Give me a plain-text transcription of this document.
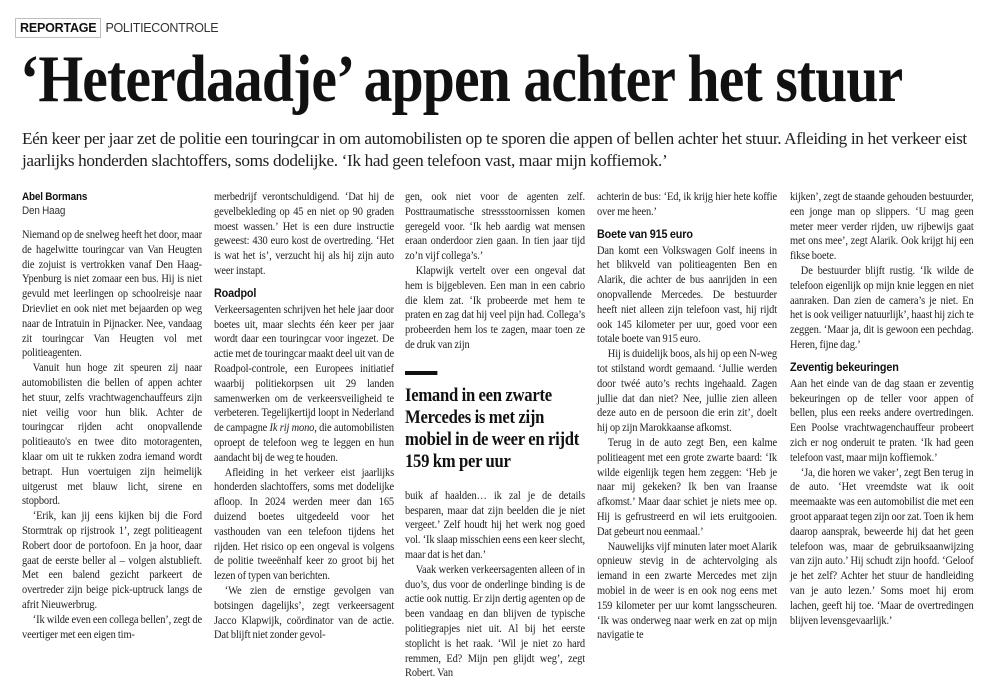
REPORTAGE POLITIECONTROLE
‘Heterdaadje’ appen achter het stuur

Eén keer per jaar zet de politie een touringcar in om automobilisten op te sporen die appen of bellen achter het stuur. Afleiding in het verkeer eist jaarlijks honderden slachtoffers, soms dodelijke. ‘Ik had geen telefoon vast, maar mijn koffiemok.’

Abel Bormans
Den Haag

Niemand op de snelweg heeft het door, maar de hagelwitte touringcar van Van Heugten die zojuist is vertrokken vanaf Den Haag-Ypenburg is niet zomaar een bus. Hij is niet gevuld met leerlingen op schoolreisje naar Drievliet en ook niet met bejaarden op weg naar de Intratuin in Pijnacker. Nee, vandaag zit touringcar Van Heugten vol met politieagenten.

Vanuit hun hoge zit speuren zij naar automobilisten die bellen of appen achter het stuur, zelfs vrachtwagenchauffeurs zijn niet veilig voor hun blik. Achter de touringcar rijden acht onopvallende politieauto's en twee dito motoragenten, klaar om uit te rukken zodra iemand wordt betrapt. Hun voertuigen zijn heimelijk uitgerust met blauw licht, sirene en stopbord.

‘Erik, kan jij eens kijken bij die Ford Stormtrak op rijstrook 1’, zegt politieagent Robert door de portofoon. En ja hoor, daar gaat de eerste beller al – volgen alstublieft. Met een balend gezicht parkeert de overtreder zijn beige pick-uptruck langs de afrit Nieuwerbrug.

‘Ik wilde even een collega bellen’, zegt de veertiger met een eigen tim-

merbedrijf verontschuldigend. ‘Dat hij de gevelbekleding op 45 en niet op 90 graden moest wassen.’ Het is een dure instructie geweest: 430 euro kost de overtreding. ‘Het is wat het is’, verzucht hij als hij zijn auto weer instapt.

Roadpol

Verkeersagenten schrijven het hele jaar door boetes uit, maar slechts één keer per jaar wordt daar een touringcar voor ingezet. De actie met de touringcar maakt deel uit van de Roadpol-controle, een Europees initiatief waarbij politiekorpsen uit 29 landen samenwerken om de verkeersveiligheid te verbeteren. Tegelijkertijd loopt in Nederland de campagne Ik rij mono, die automobilisten oproept de telefoon weg te leggen en hun aandacht bij de weg te houden.

Afleiding in het verkeer eist jaarlijks honderden slachtoffers, soms met dodelijke afloop. In 2024 werden meer dan 165 duizend boetes uitgedeeld voor het vasthouden van een telefoon tijdens het rijden. Het risico op een ongeval is volgens de politie tweeënhalf keer zo groot bij het lezen of typen van berichten.

‘We zien de ernstige gevolgen van botsingen dagelijks’, zegt verkeersagent Jacco Klapwijk, coördinator van de actie. Dat blijft niet zonder gevol-

gen, ook niet voor de agenten zelf. Posttraumatische stressstoornissen komen geregeld voor. ‘Ik heb aardig wat mensen eraan onderdoor zien gaan. In tien jaar tijd zo’n vijf collega’s.’

Klapwijk vertelt over een ongeval dat hem is bijgebleven. Een man in een cabrio die klem zat. ‘Ik probeerde met hem te praten en zag dat hij veel pijn had. Collega’s probeerden hem los te zagen, maar toen ze de druk van zijn

Iemand in een zwarte Mercedes is met zijn mobiel in de weer en rijdt 159 km per uur

buik af haalden… ik zal je de details besparen, maar dat zijn beelden die je niet vergeet.’ Zelf houdt hij het werk nog goed vol. ‘Ik slaap misschien eens een keer slecht, maar dat is het dan.’

Vaak werken verkeersagenten alleen of in duo’s, dus voor de onderlinge binding is de actie ook nuttig. Er zijn dertig agenten op de been vandaag en dan blijven de typische politiegrapjes niet uit. Al bij het eerste stoplicht is het raak. ‘Wil je niet zo hard remmen, Ed? Mijn pen glijdt weg’, zegt Robert. Van

achterin de bus: ‘Ed, ik krijg hier hete koffie over me heen.’

Boete van 915 euro

Dan komt een Volkswagen Golf ineens in het blikveld van politieagenten Ben en Alarik, die achter de bus aanrijden in een onopvallende Mercedes. De bestuurder heeft niet alleen zijn telefoon vast, hij rijdt ook 145 kilometer per uur, goed voor een totale boete van 915 euro.

Hij is duidelijk boos, als hij op een N-weg tot stilstand wordt gemaand. ‘Jullie werden door twéé auto’s rechts ingehaald. Zagen jullie dat dan niet? Nee, jullie zien alleen deze auto en de persoon die erin zit’, doelt hij op zijn Marokkaanse afkomst.

Terug in de auto zegt Ben, een kalme politieagent met een grote zwarte baard: ‘Ik wilde eigenlijk tegen hem zeggen: ‘Heb je naar mij gekeken? Ik ben van Iraanse afkomst.’ Maar daar schiet je niets mee op. Hij is gefrustreerd en wil iets eruitgooien. Dat gebeurt nou eenmaal.’

Nauwelijks vijf minuten later moet Alarik opnieuw stevig in de achtervolging als iemand in een zwarte Mercedes met zijn mobiel in de weer is en ook nog eens met 159 kilometer per uur komt langsscheuren. ‘Ik was onderweg naar werk en zat op mijn navigatie te

kijken’, zegt de staande gehouden bestuurder, een jonge man op slippers. ‘U mag geen meter meer verder rijden, uw rijbewijs gaat met ons mee’, zegt Alarik. Ook krijgt hij een fikse boete.

De bestuurder blijft rustig. ‘Ik wilde de telefoon eigenlijk op mijn knie leggen en niet aanraken. Dan zien de camera’s je niet. En het is ook veiliger natuurlijk’, haast hij zich te zeggen. ‘Maar ja, dit is gewoon een pechdag. Heren, fijne dag.’

Zeventig bekeuringen

Aan het einde van de dag staan er zeventig bekeuringen op de teller voor appen of bellen, plus een reeks andere overtredingen. Een Poolse vrachtwagenchauffeur probeert zich er nog onderuit te praten. ‘Ik had geen telefoon vast, maar mijn koffiemok.’

‘Ja, die horen we vaker’, zegt Ben terug in de auto. ‘Het vreemdste wat ik ooit meemaakte was een automobilist die met een groot apparaat tegen zijn oor zat. Toen ik hem daarop aansprak, beweerde hij dat het geen telefoon was, maar de gebruiksaanwijzing van zijn auto.’ Hij schudt zijn hoofd. ‘Geloof je het zelf? Achter het stuur de handleiding van je auto lezen.’ Soms moet hij erom lachen, geeft hij toe. ‘Maar de overtredingen blijven levensgevaarlijk.’
